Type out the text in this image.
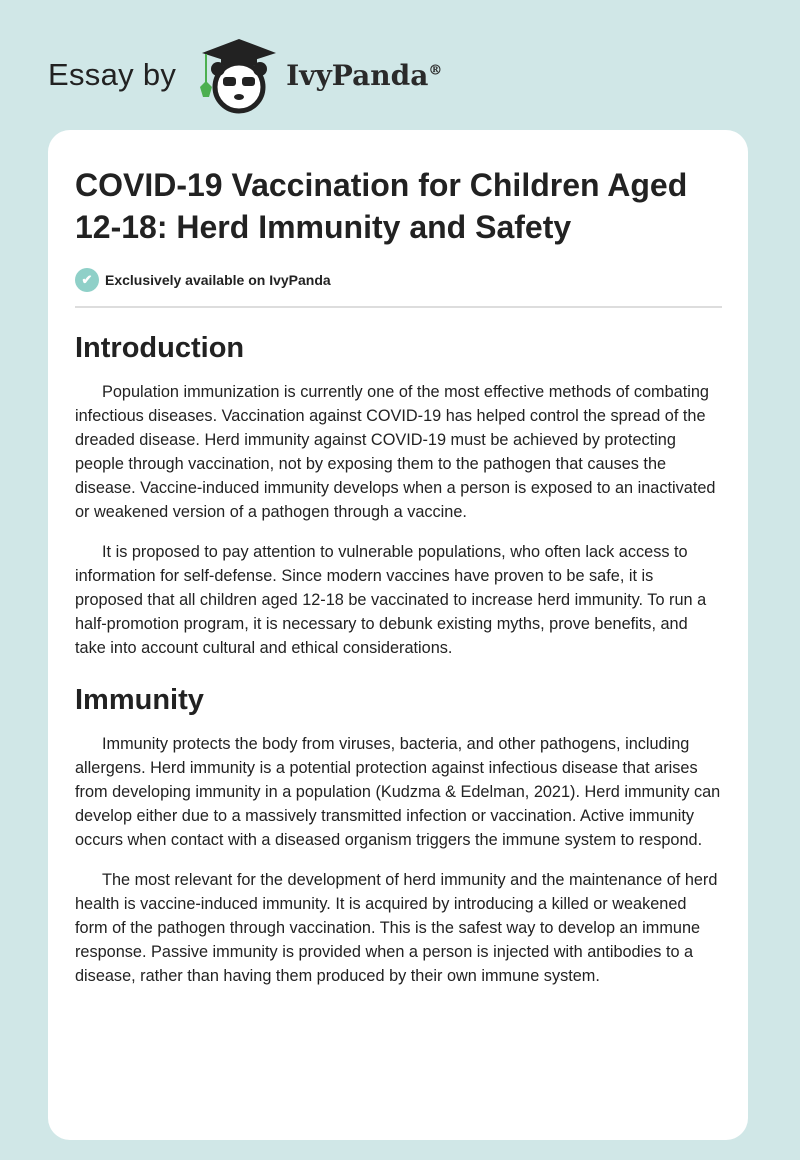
Essay by	IvyPanda®
COVID-19 Vaccination for Children Aged 12-18: Herd Immunity and Safety
✔ Exclusively available on IvyPanda
Introduction

Population immunization is currently one of the most effective methods of combating infectious diseases. Vaccination against COVID-19 has helped control the spread of the dreaded disease. Herd immunity against COVID-19 must be achieved by protecting people through vaccination, not by exposing them to the pathogen that causes the disease. Vaccine-induced immunity develops when a person is exposed to an inactivated or weakened version of a pathogen through a vaccine.

It is proposed to pay attention to vulnerable populations, who often lack access to information for self-defense. Since modern vaccines have proven to be safe, it is proposed that all children aged 12-18 be vaccinated to increase herd immunity. To run a half-promotion program, it is necessary to debunk existing myths, prove benefits, and take into account cultural and ethical considerations.

Immunity

Immunity protects the body from viruses, bacteria, and other pathogens, including allergens. Herd immunity is a potential protection against infectious disease that arises from developing immunity in a population (Kudzma & Edelman, 2021). Herd immunity can develop either due to a massively transmitted infection or vaccination. Active immunity occurs when contact with a diseased organism triggers the immune system to respond.

The most relevant for the development of herd immunity and the maintenance of herd health is vaccine-induced immunity. It is acquired by introducing a killed or weakened form of the pathogen through vaccination. This is the safest way to develop an immune response. Passive immunity is provided when a person is injected with antibodies to a disease, rather than having them produced by their own immune system.
